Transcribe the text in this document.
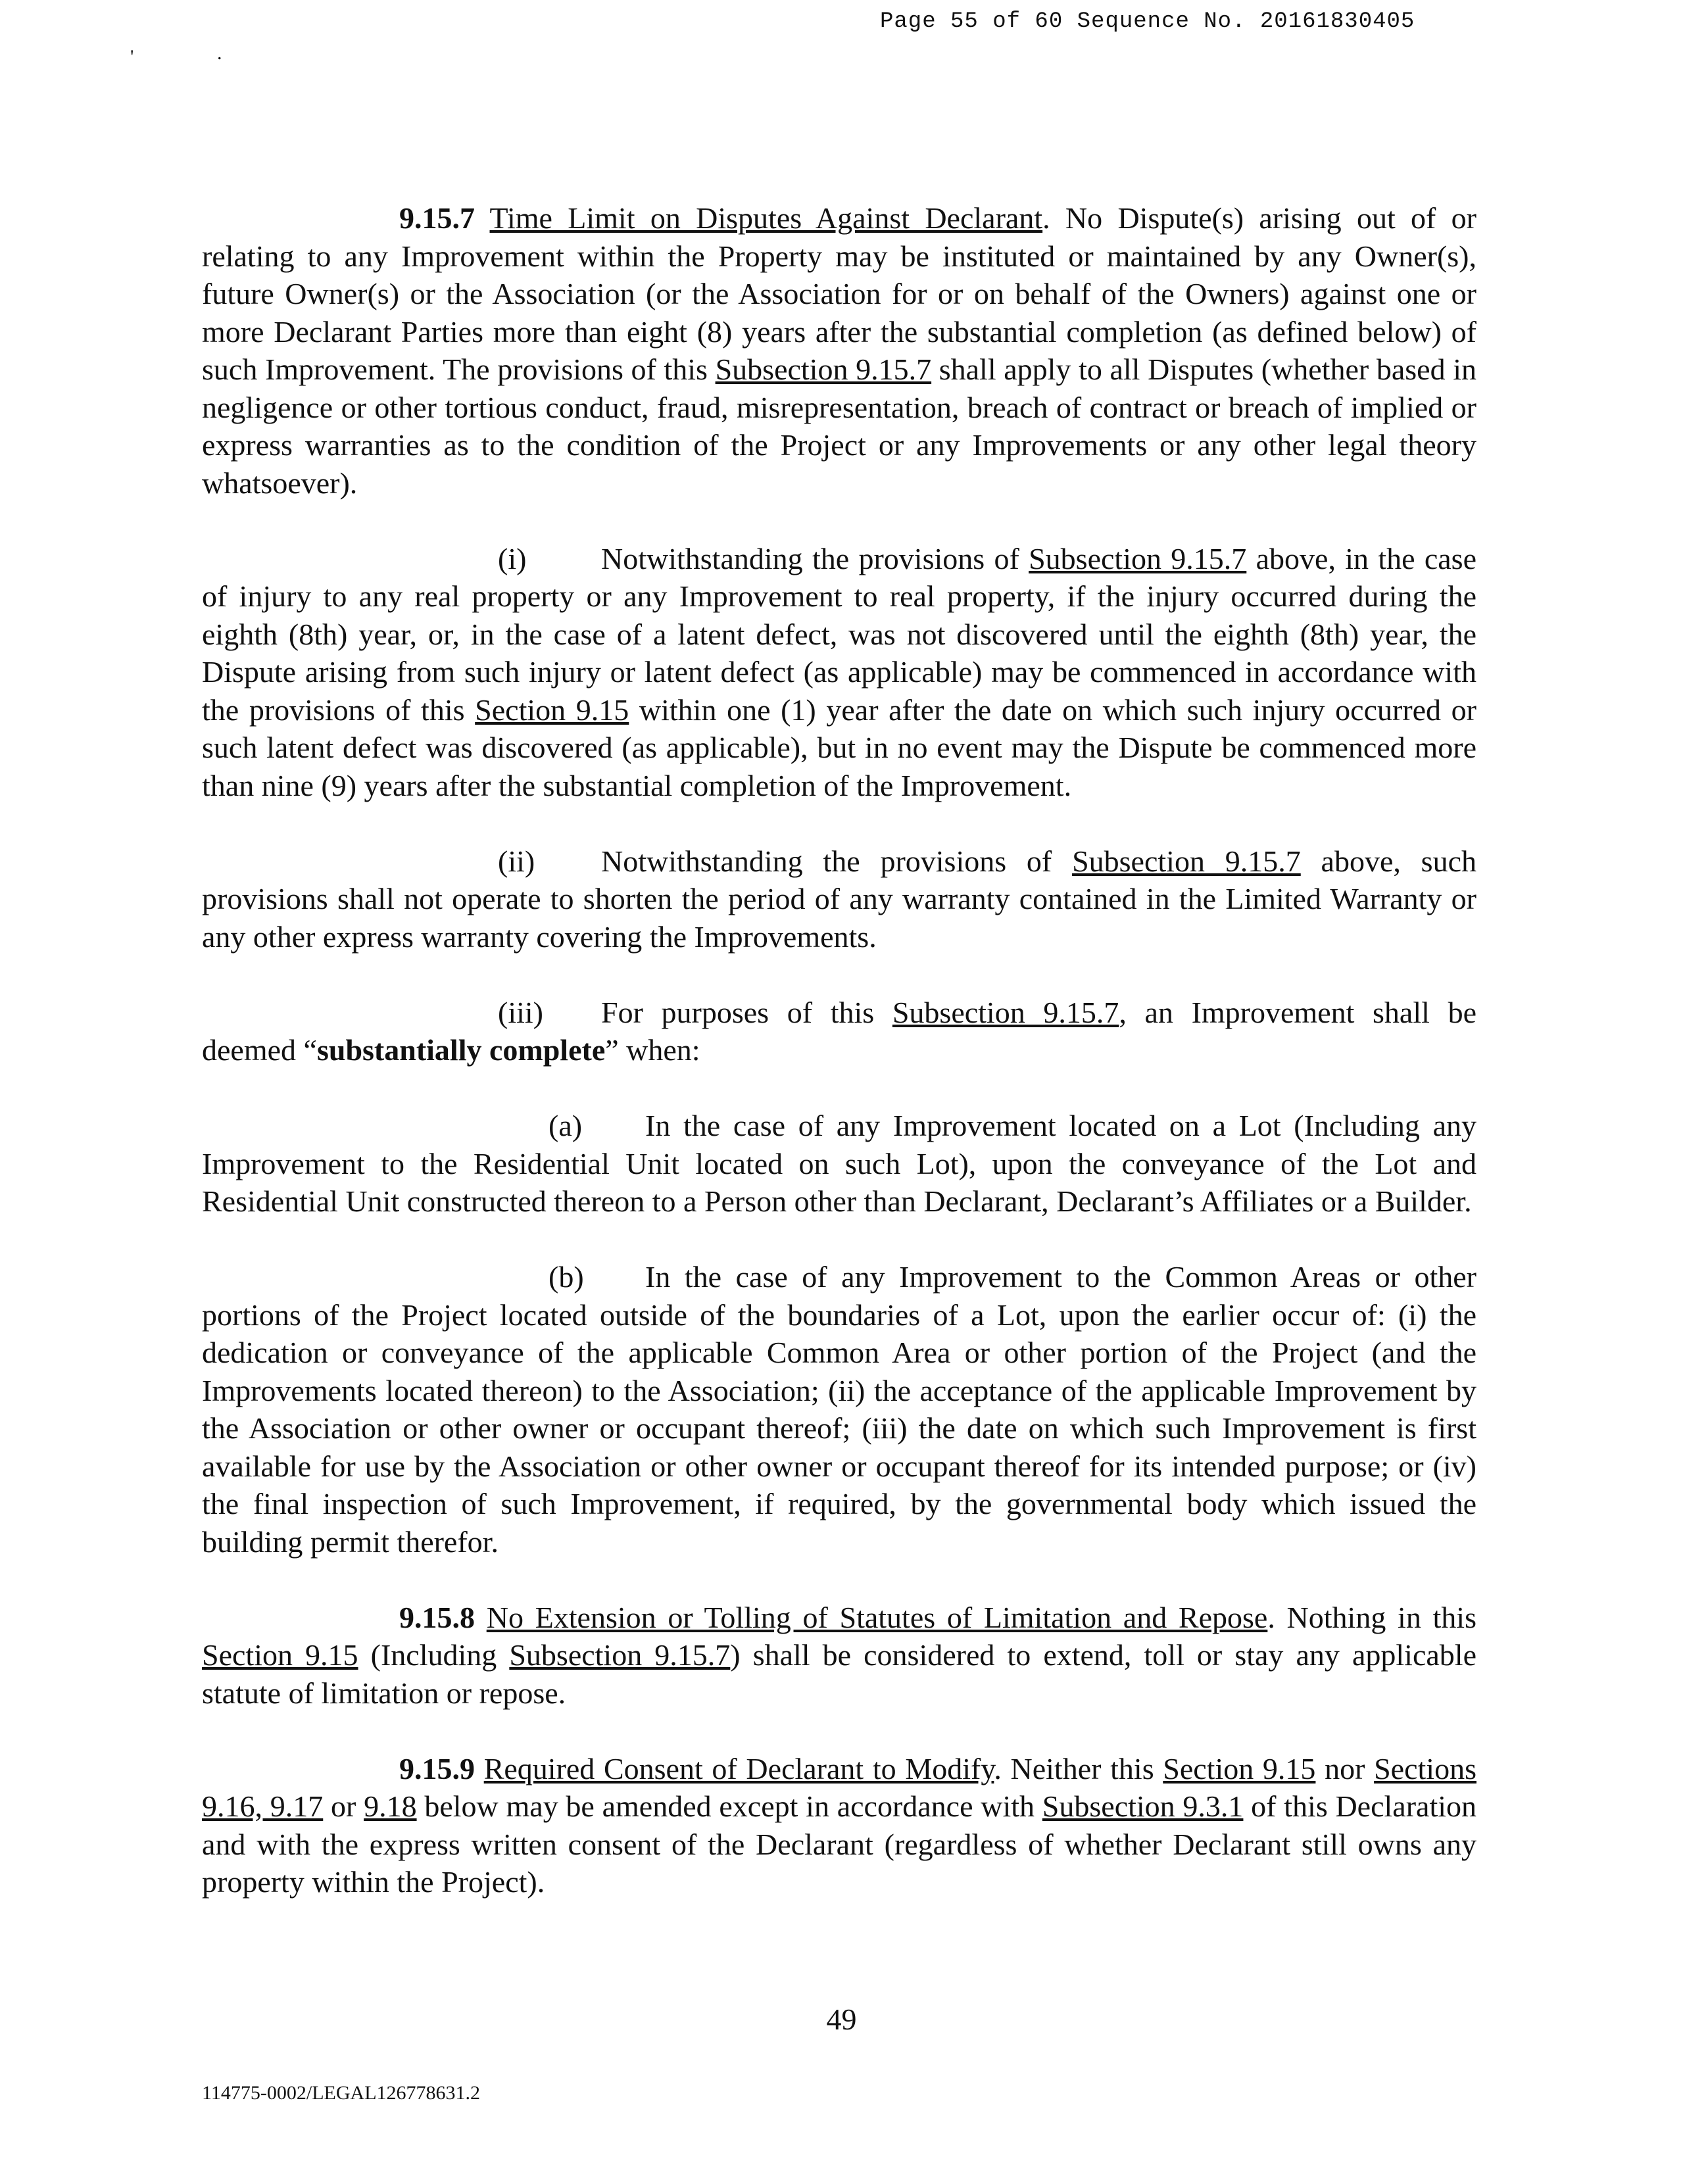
Page 55 of 60 Sequence No. 20161830405
'	.

9.15.7 Time Limit on Disputes Against Declarant. No Dispute(s) arising out of or relating to any Improvement within the Property may be instituted or maintained by any Owner(s), future Owner(s) or the Association (or the Association for or on behalf of the Owners) against one or more Declarant Parties more than eight (8) years after the substantial completion (as defined below) of such Improvement. The provisions of this Subsection 9.15.7 shall apply to all Disputes (whether based in negligence or other tortious conduct, fraud, misrepresentation, breach of contract or breach of implied or express warranties as to the condition of the Project or any Improvements or any other legal theory whatsoever).

(i) Notwithstanding the provisions of Subsection 9.15.7 above, in the case of injury to any real property or any Improvement to real property, if the injury occurred during the eighth (8th) year, or, in the case of a latent defect, was not discovered until the eighth (8th) year, the Dispute arising from such injury or latent defect (as applicable) may be commenced in accordance with the provisions of this Section 9.15 within one (1) year after the date on which such injury occurred or such latent defect was discovered (as applicable), but in no event may the Dispute be commenced more than nine (9) years after the substantial completion of the Improvement.

(ii) Notwithstanding the provisions of Subsection 9.15.7 above, such provisions shall not operate to shorten the period of any warranty contained in the Limited Warranty or any other express warranty covering the Improvements.

(iii) For purposes of this Subsection 9.15.7, an Improvement shall be deemed “substantially complete” when:

(a) In the case of any Improvement located on a Lot (Including any Improvement to the Residential Unit located on such Lot), upon the conveyance of the Lot and Residential Unit constructed thereon to a Person other than Declarant, Declarant’s Affiliates or a Builder.

(b) In the case of any Improvement to the Common Areas or other portions of the Project located outside of the boundaries of a Lot, upon the earlier occur of: (i) the dedication or conveyance of the applicable Common Area or other portion of the Project (and the Improvements located thereon) to the Association; (ii) the acceptance of the applicable Improvement by the Association or other owner or occupant thereof; (iii) the date on which such Improvement is first available for use by the Association or other owner or occupant thereof for its intended purpose; or (iv) the final inspection of such Improvement, if required, by the governmental body which issued the building permit therefor.

9.15.8 No Extension or Tolling of Statutes of Limitation and Repose. Nothing in this Section 9.15 (Including Subsection 9.15.7) shall be considered to extend, toll or stay any applicable statute of limitation or repose.

9.15.9 Required Consent of Declarant to Modify. Neither this Section 9.15 nor Sections 9.16, 9.17 or 9.18 below may be amended except in accordance with Subsection 9.3.1 of this Declaration and with the express written consent of the Declarant (regardless of whether Declarant still owns any property within the Project).

49
114775-0002/LEGAL126778631.2
